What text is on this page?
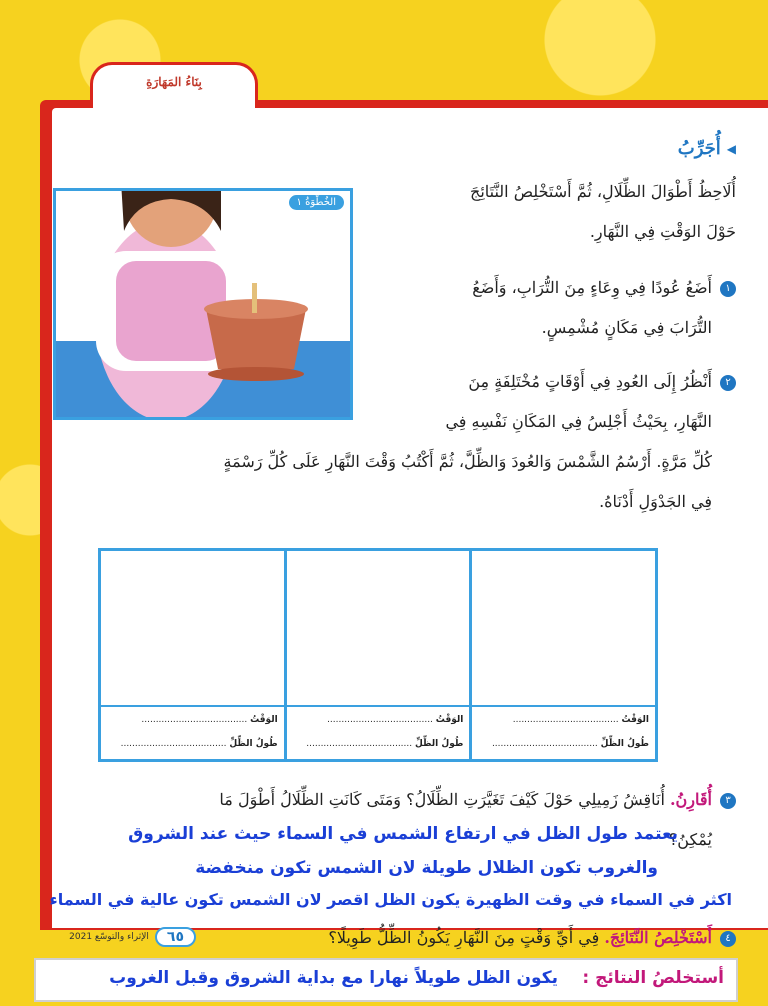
بِنَاءُ المَهَارَةِ
◀
أُجَرِّبُ
أُلَاحِظُ أَطْوَالَ الظِّلَالِ، ثُمَّ أَسْتَخْلِصُ النَّتَائِجَ
حَوْلَ الوَقْتِ فِي النَّهَارِ.
١أَضَعُ عُودًا فِي وِعَاءٍ مِنَ التُّرَابِ، وَأَضَعُ
التُّرَابَ فِي مَكَانٍ مُشْمِسٍ.
٢أَنْظُرُ إِلَى العُودِ فِي أَوْقَاتٍ مُخْتَلِفَةٍ مِنَ
النَّهَارِ، بِحَيْثُ أَجْلِسُ فِي المَكَانِ نَفْسِهِ فِي
كُلِّ مَرَّةٍ. أَرْسُمُ الشَّمْسَ وَالعُودَ وَالظِّلَّ، ثُمَّ أَكْتُبُ وَقْتَ النَّهَارِ عَلَى كُلِّ رَسْمَةٍ
فِي الجَدْوَلِ أَدْنَاهُ.
الخُطْوَةُ ١
الوَقْتُ .....................................
طُولُ الظِّلِّ .....................................
الوَقْتُ .....................................
طُولُ الظِّلِّ .....................................
الوَقْتُ .....................................
طُولُ الظِّلِّ .....................................
٣أُقَارِنُ. أُنَاقِشُ زَمِيلِي حَوْلَ كَيْفَ تَغَيَّرَتِ الظِّلَالُ؟ وَمَتَى كَانَتِ الظِّلَالُ أَطْوَلَ مَا
يُمْكِنُ؟
يعتمد طول الظل في ارتفاع الشمس في السماء حيث عند الشروق
والغروب تكون الظلال طويلة لان الشمس تكون منخفضة
اكثر في السماء في وقت الظهيرة يكون الظل اقصر لان الشمس تكون عالية في السماء
٤أَسْتَخْلِصُ النَّتَائِجَ. فِي أَيِّ وَقْتٍ مِنَ النَّهَارِ يَكُونُ الظِّلُّ طَوِيلًا؟
٦٥
الإثراء والتوسّع 2021
أستخلصُ النتائج :
يكون الظل طويلاً نهارا مع بداية الشروق وقبل الغروب
